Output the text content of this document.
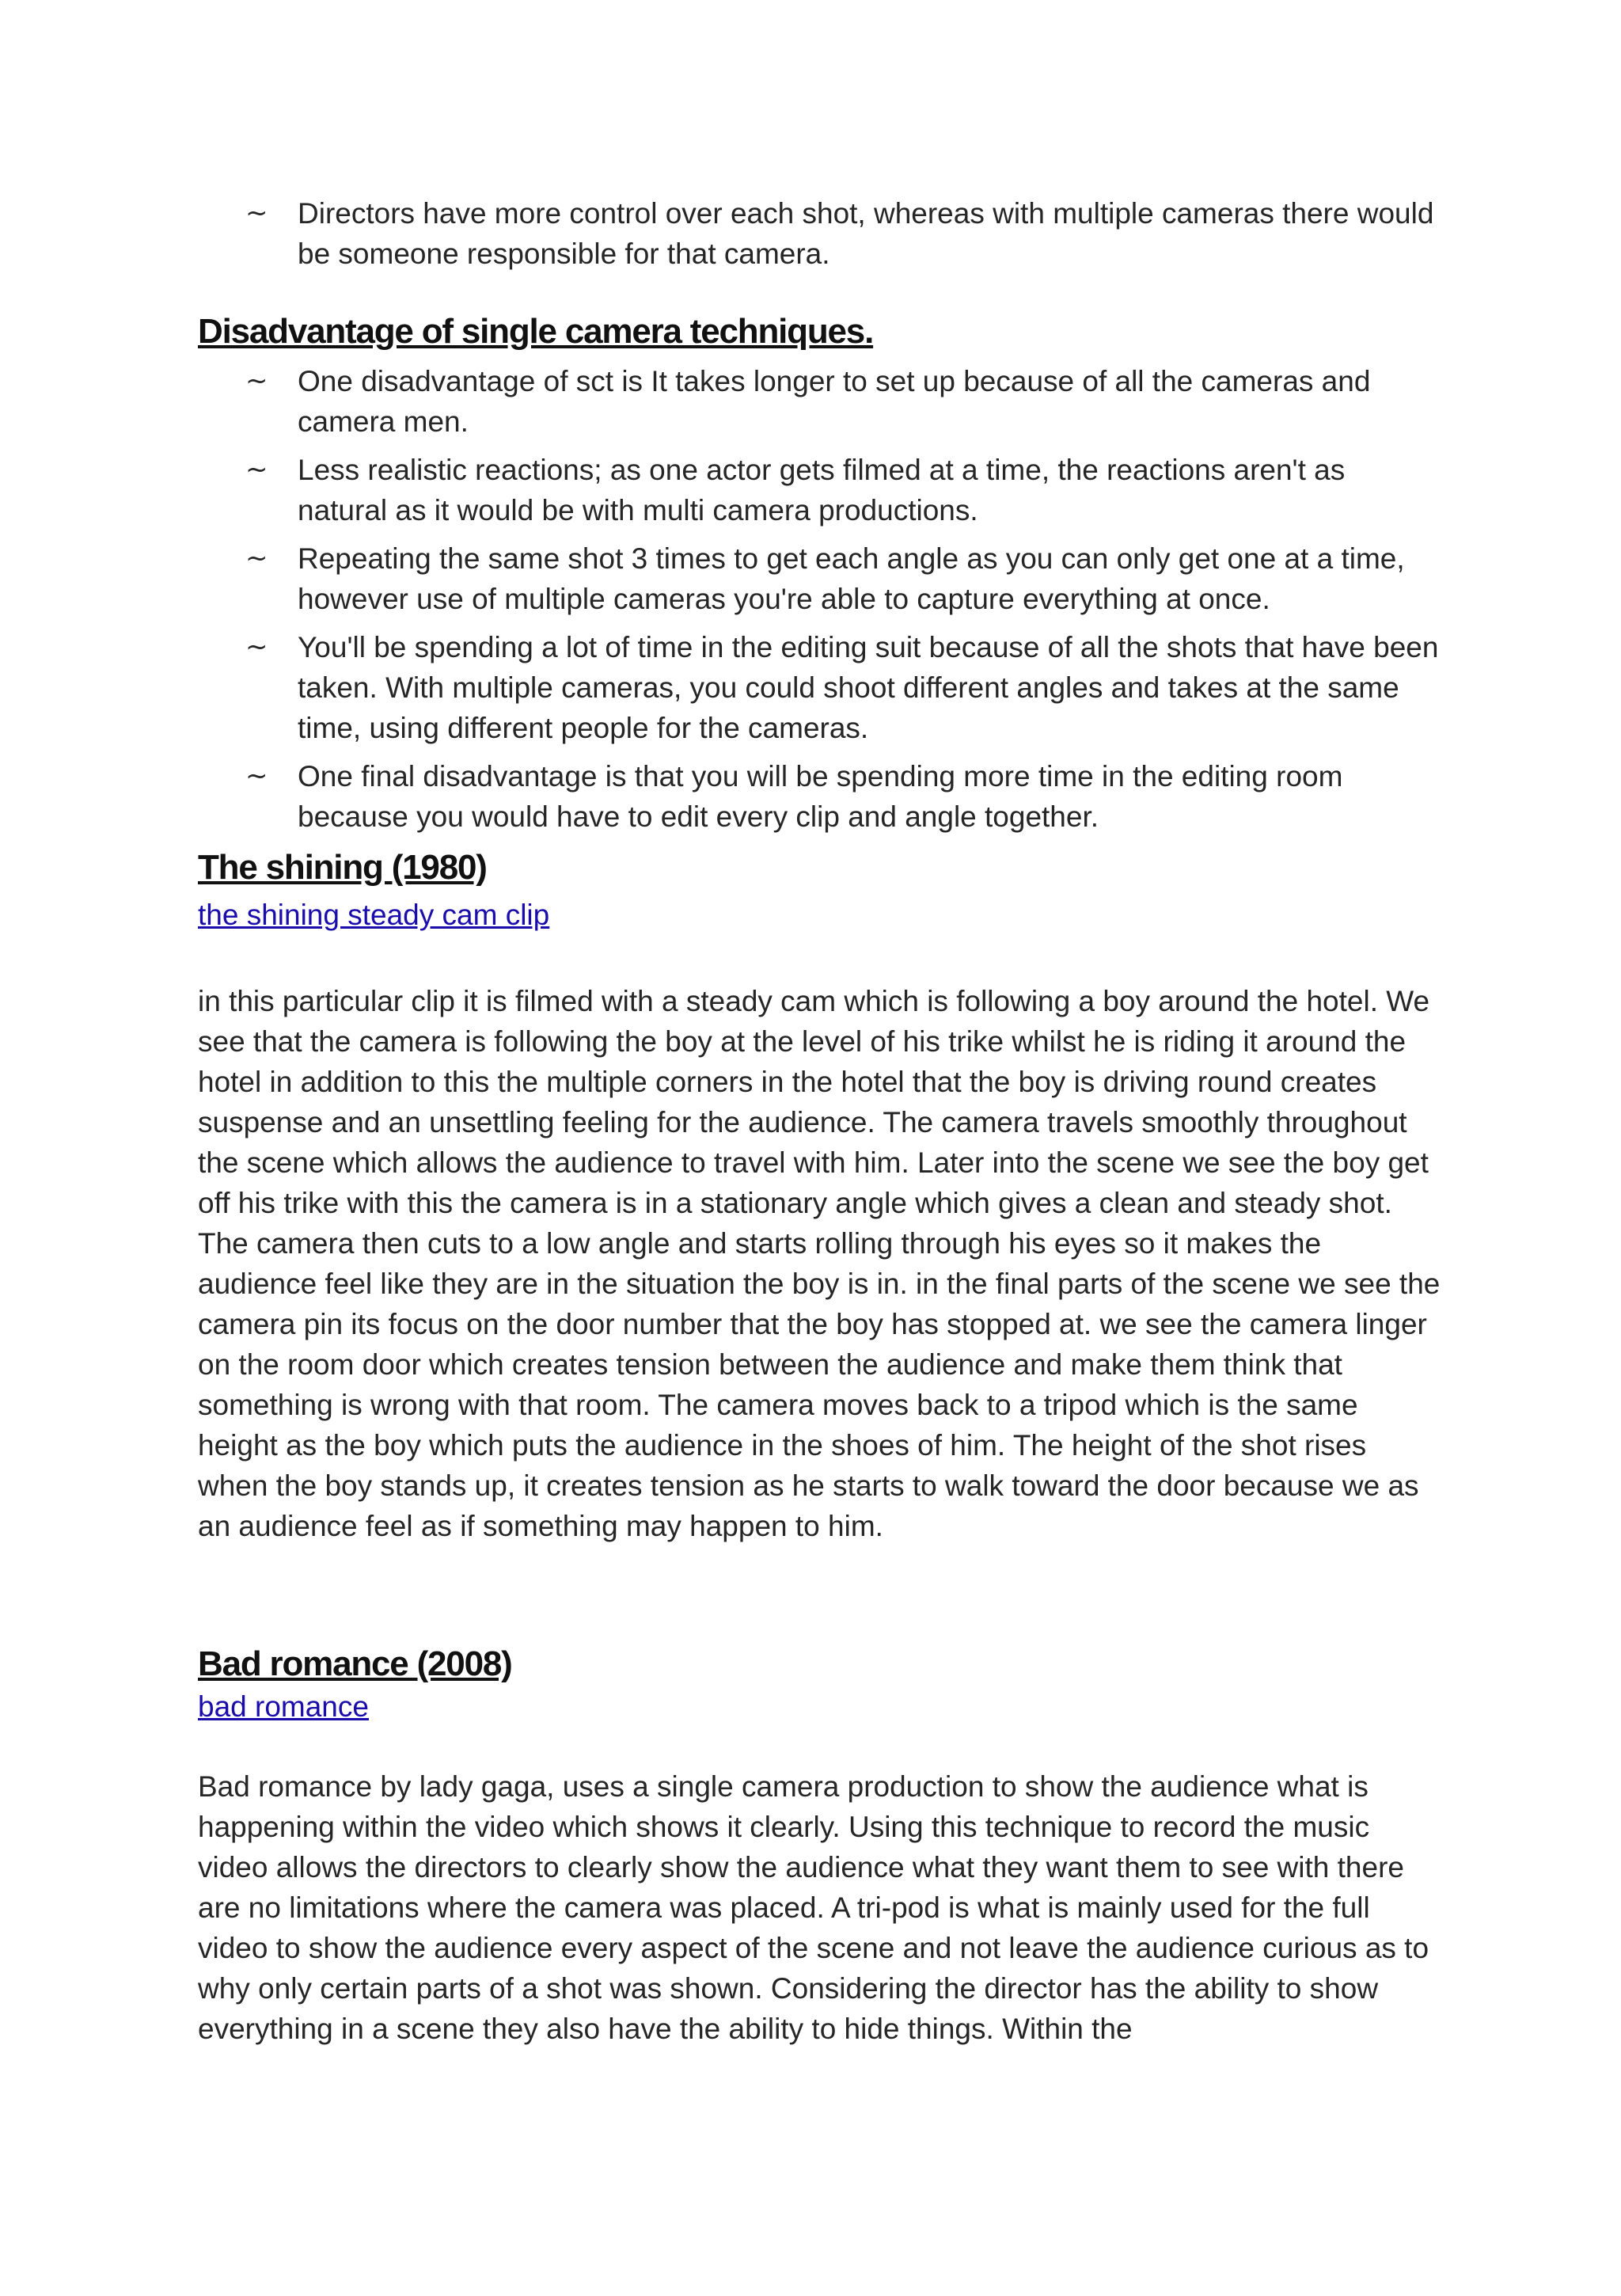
~ Directors have more control over each shot, whereas with multiple cameras there would be someone responsible for that camera.
Disadvantage of single camera techniques.
~ One disadvantage of sct is It takes longer to set up because of all the cameras and camera men.
~ Less realistic reactions; as one actor gets filmed at a time, the reactions aren't as natural as it would be with multi camera productions.
~ Repeating the same shot 3 times to get each angle as you can only get one at a time, however use of multiple cameras you're able to capture everything at once.
~ You'll be spending a lot of time in the editing suit because of all the shots that have been taken. With multiple cameras, you could shoot different angles and takes at the same time, using different people for the cameras.
~ One final disadvantage is that you will be spending more time in the editing room because you would have to edit every clip and angle together.
The shining (1980)
the shining steady cam clip

in this particular clip it is filmed with a steady cam which is following a boy around the hotel. We see that the camera is following the boy at the level of his trike whilst he is riding it around the hotel in addition to this the multiple corners in the hotel that the boy is driving round creates suspense and an unsettling feeling for the audience. The camera travels smoothly throughout the scene which allows the audience to travel with him. Later into the scene we see the boy get off his trike with this the camera is in a stationary angle which gives a clean and steady shot. The camera then cuts to a low angle and starts rolling through his eyes so it makes the audience feel like they are in the situation the boy is in. in the final parts of the scene we see the camera pin its focus on the door number that the boy has stopped at. we see the camera linger on the room door which creates tension between the audience and make them think that something is wrong with that room. The camera moves back to a tripod which is the same height as the boy which puts the audience in the shoes of him. The height of the shot rises when the boy stands up, it creates tension as he starts to walk toward the door because we as an audience feel as if something may happen to him.

Bad romance (2008)
bad romance

Bad romance by lady gaga, uses a single camera production to show the audience what is happening within the video which shows it clearly. Using this technique to record the music video allows the directors to clearly show the audience what they want them to see with there are no limitations where the camera was placed. A tri-pod is what is mainly used for the full video to show the audience every aspect of the scene and not leave the audience curious as to why only certain parts of a shot was shown. Considering the director has the ability to show everything in a scene they also have the ability to hide things. Within the
